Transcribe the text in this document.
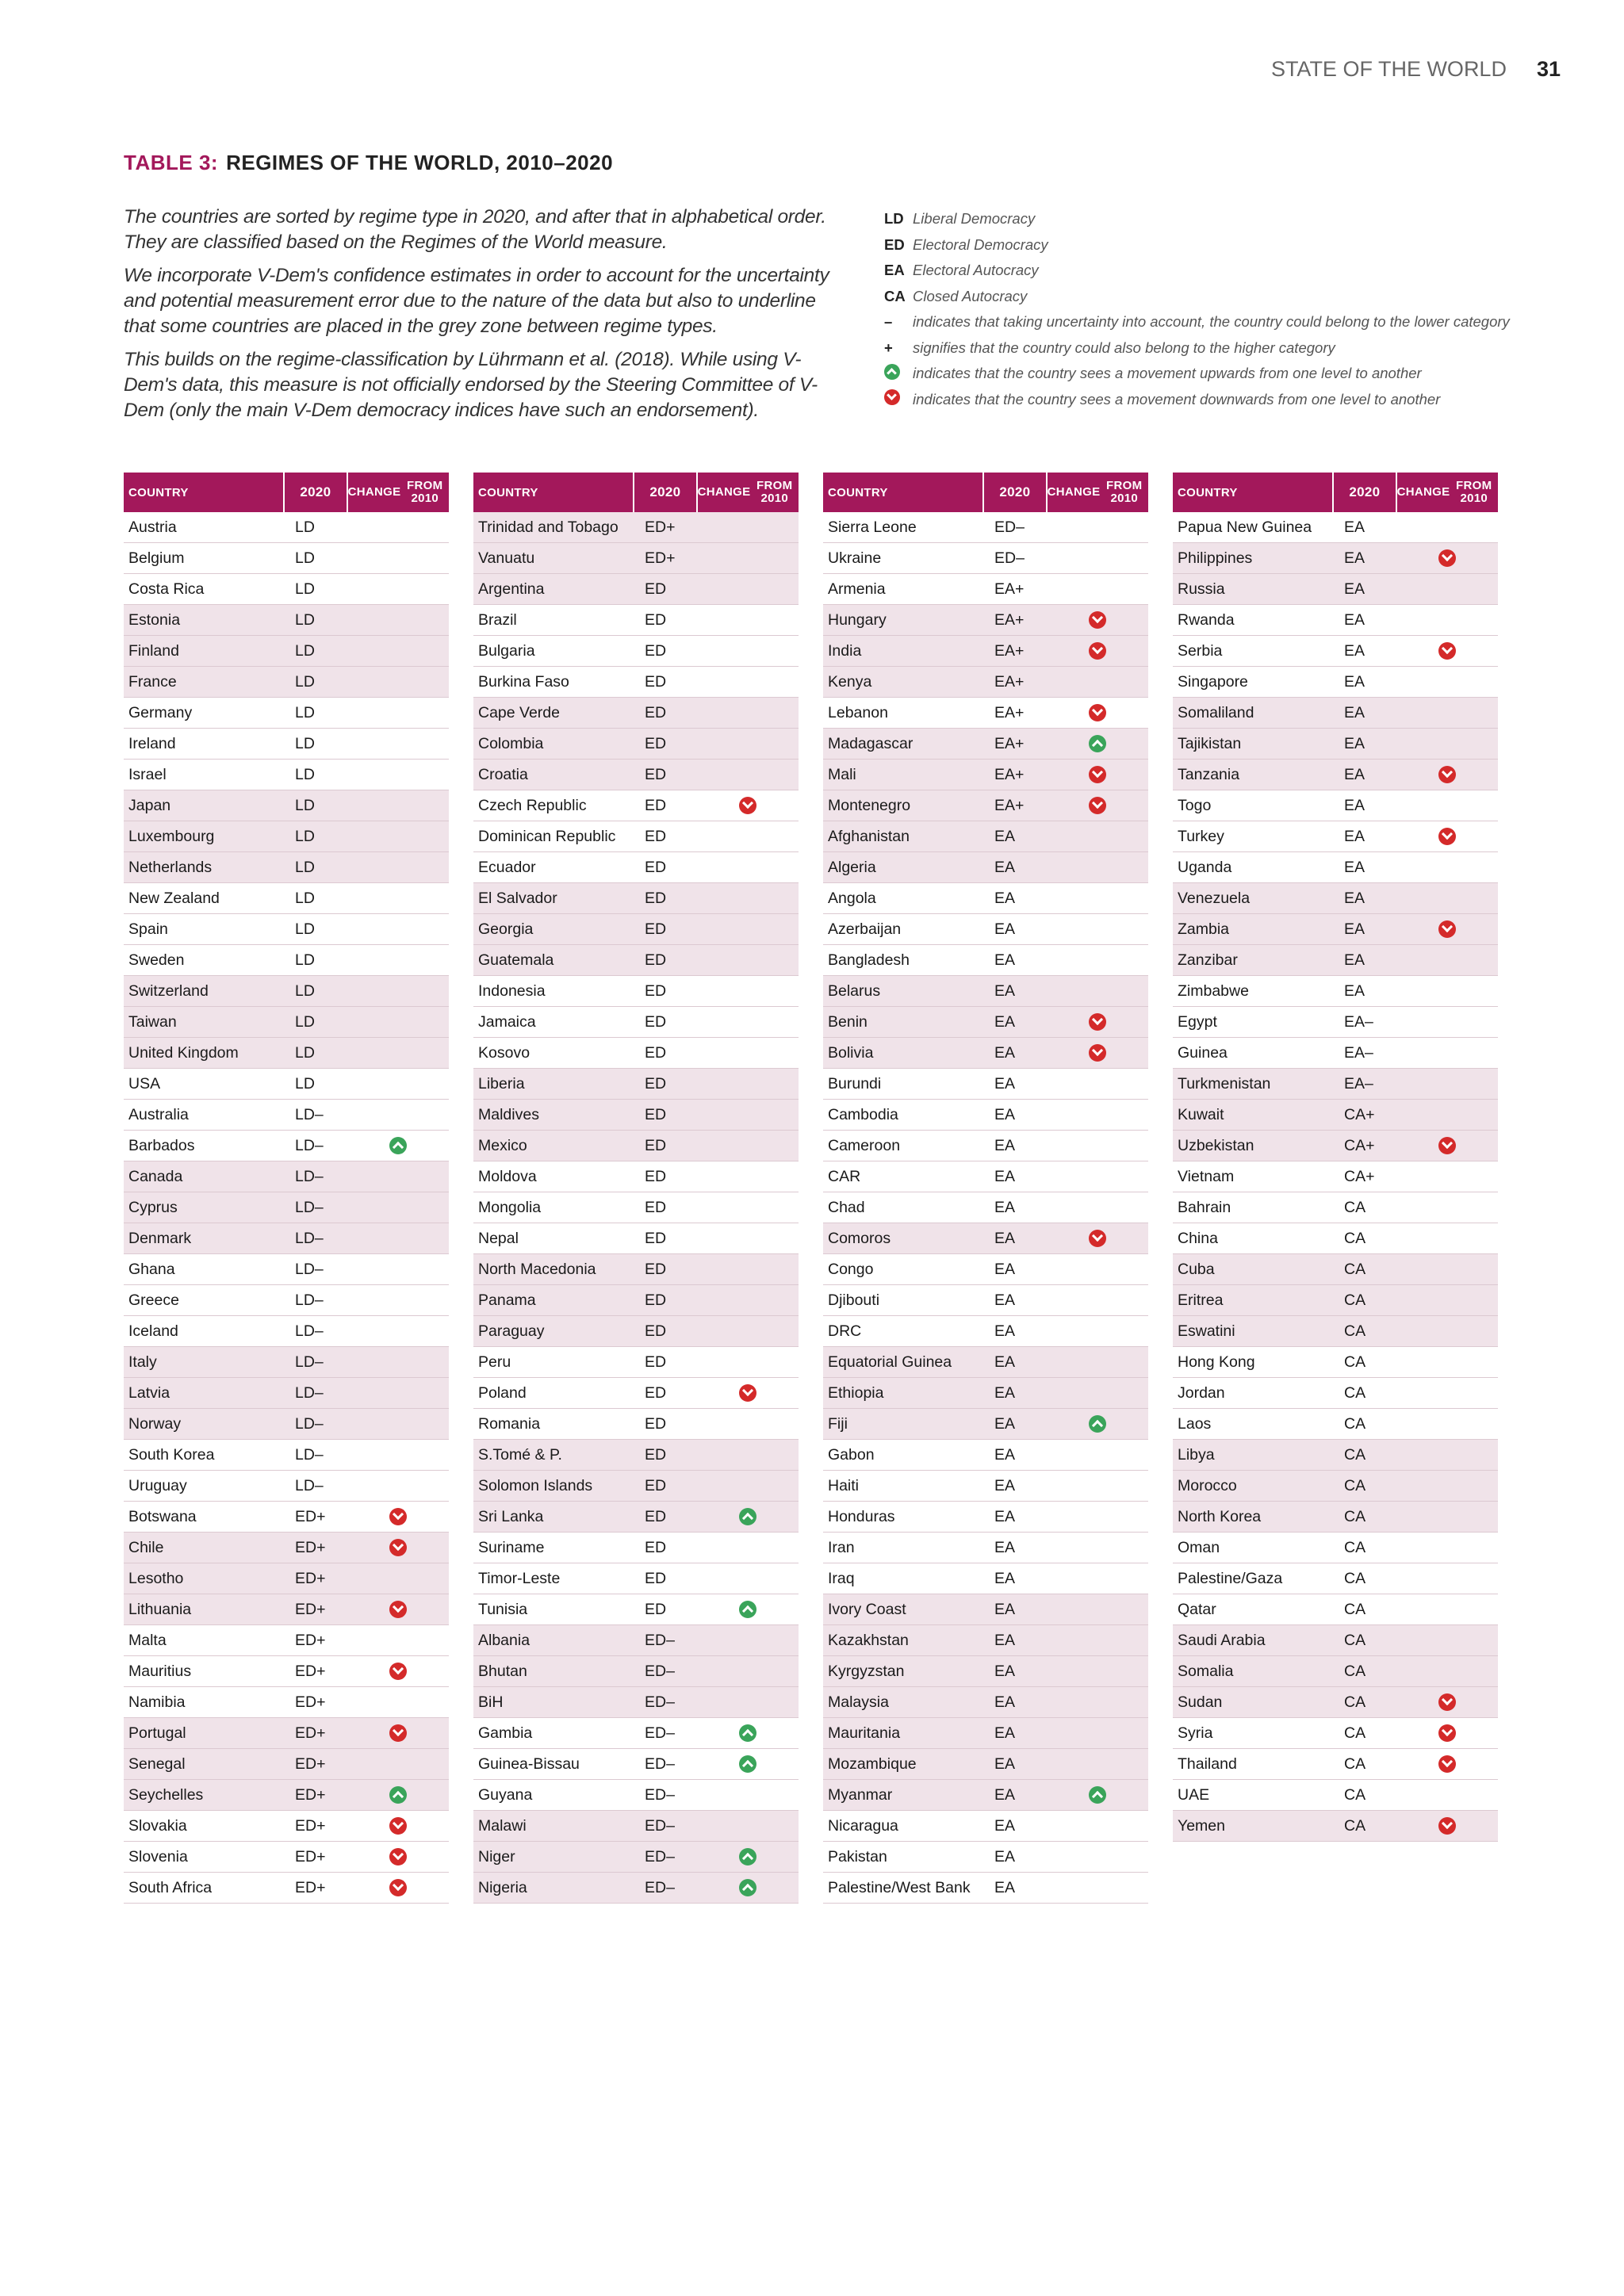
STATE OF THE WORLD 31
TABLE 3: REGIMES OF THE WORLD, 2010–2020

The countries are sorted by regime type in 2020, and after that in alphabetical order. They are classified based on the Regimes of the World measure.

We incorporate V-Dem's confidence estimates in order to account for the uncertainty and potential measurement error due to the nature of the data but also to underline that some countries are placed in the grey zone between regime types.

This builds on the regime-classification by Lührmann et al. (2018). While using V-Dem's data, this measure is not officially endorsed by the Steering Committee of V-Dem (only the main V-Dem democracy indices have such an endorsement).

LD Liberal Democracy
ED Electoral Democracy
EA Electoral Autocracy
CA Closed Autocracy
–	indicates that taking uncertainty into account, the country could belong to the lower category
+	signifies that the country could also belong to the higher category
indicates that the country sees a movement upwards from one level to another
indicates that the country sees a movement downwards from one level to another
COUNTRY	2020	CHANGE FROM 2010
Austria	LD
Belgium	LD
Costa Rica	LD
Estonia	LD
Finland	LD
France	LD
Germany	LD
Ireland	LD
Israel	LD
Japan	LD
Luxembourg	LD
Netherlands	LD
New Zealand	LD
Spain	LD
Sweden	LD
Switzerland	LD
Taiwan	LD
United Kingdom	LD
USA	LD
Australia	LD–
Barbados	LD–
Canada	LD–
Cyprus	LD–
Denmark	LD–
Ghana	LD–
Greece	LD–
Iceland	LD–
Italy	LD–
Latvia	LD–
Norway	LD–
South Korea	LD–
Uruguay	LD–
Botswana	ED+
Chile	ED+
Lesotho	ED+
Lithuania	ED+
Malta	ED+
Mauritius	ED+
Namibia	ED+
Portugal	ED+
Senegal	ED+
Seychelles	ED+
Slovakia	ED+
Slovenia	ED+
South Africa	ED+
COUNTRY	2020	CHANGE FROM 2010
Trinidad and Tobago	ED+
Vanuatu	ED+
Argentina	ED
Brazil	ED
Bulgaria	ED
Burkina Faso	ED
Cape Verde	ED
Colombia	ED
Croatia	ED
Czech Republic	ED
Dominican Republic	ED
Ecuador	ED
El Salvador	ED
Georgia	ED
Guatemala	ED
Indonesia	ED
Jamaica	ED
Kosovo	ED
Liberia	ED
Maldives	ED
Mexico	ED
Moldova	ED
Mongolia	ED
Nepal	ED
North Macedonia	ED
Panama	ED
Paraguay	ED
Peru	ED
Poland	ED
Romania	ED
S.Tomé & P.	ED
Solomon Islands	ED
Sri Lanka	ED
Suriname	ED
Timor-Leste	ED
Tunisia	ED
Albania	ED–
Bhutan	ED–
BiH	ED–
Gambia	ED–
Guinea-Bissau	ED–
Guyana	ED–
Malawi	ED–
Niger	ED–
Nigeria	ED–
COUNTRY	2020	CHANGE FROM 2010
Sierra Leone	ED–
Ukraine	ED–
Armenia	EA+
Hungary	EA+
India	EA+
Kenya	EA+
Lebanon	EA+
Madagascar	EA+
Mali	EA+
Montenegro	EA+
Afghanistan	EA
Algeria	EA
Angola	EA
Azerbaijan	EA
Bangladesh	EA
Belarus	EA
Benin	EA
Bolivia	EA
Burundi	EA
Cambodia	EA
Cameroon	EA
CAR	EA
Chad	EA
Comoros	EA
Congo	EA
Djibouti	EA
DRC	EA
Equatorial Guinea	EA
Ethiopia	EA
Fiji	EA
Gabon	EA
Haiti	EA
Honduras	EA
Iran	EA
Iraq	EA
Ivory Coast	EA
Kazakhstan	EA
Kyrgyzstan	EA
Malaysia	EA
Mauritania	EA
Mozambique	EA
Myanmar	EA
Nicaragua	EA
Pakistan	EA
Palestine/West Bank	EA
COUNTRY	2020	CHANGE FROM 2010
Papua New Guinea	EA
Philippines	EA
Russia	EA
Rwanda	EA
Serbia	EA
Singapore	EA
Somaliland	EA
Tajikistan	EA
Tanzania	EA
Togo	EA
Turkey	EA
Uganda	EA
Venezuela	EA
Zambia	EA
Zanzibar	EA
Zimbabwe	EA
Egypt	EA–
Guinea	EA–
Turkmenistan	EA–
Kuwait	CA+
Uzbekistan	CA+
Vietnam	CA+
Bahrain	CA
China	CA
Cuba	CA
Eritrea	CA
Eswatini	CA
Hong Kong	CA
Jordan	CA
Laos	CA
Libya	CA
Morocco	CA
North Korea	CA
Oman	CA
Palestine/Gaza	CA
Qatar	CA
Saudi Arabia	CA
Somalia	CA
Sudan	CA
Syria	CA
Thailand	CA
UAE	CA
Yemen	CA
